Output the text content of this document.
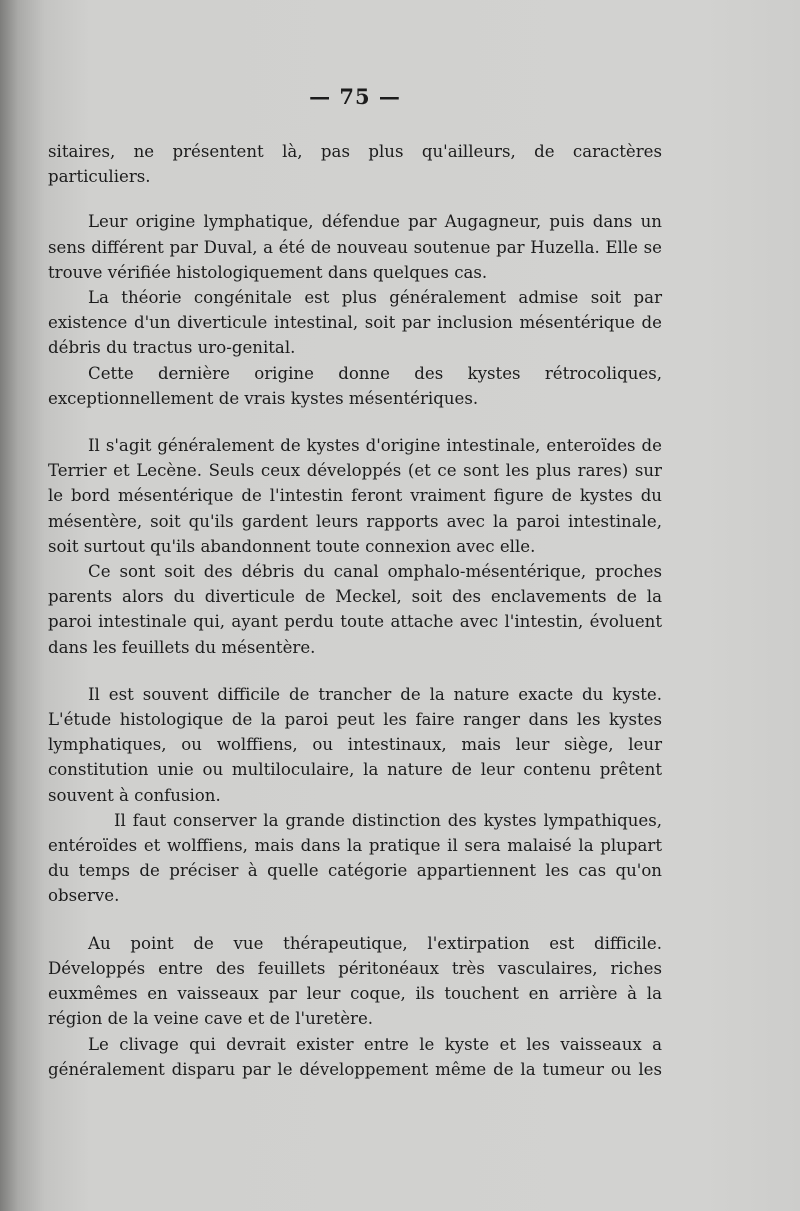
— 75 —

sitaires, ne présentent là, pas plus qu'ailleurs, de caractères particuliers.

Leur origine lymphatique, défendue par Augagneur, puis dans un sens différent par Duval, a été de nouveau soutenue par Huzella. Elle se trouve vérifiée histologiquement dans quelques cas.

La théorie congénitale est plus généralement admise soit par existence d'un diverticule intestinal, soit par inclusion mésentérique de débris du tractus uro-genital.

Cette dernière origine donne des kystes rétrocoliques, exceptionnellement de vrais kystes mésentériques.

Il s'agit généralement de kystes d'origine intestinale, enteroïdes de Terrier et Lecène. Seuls ceux développés (et ce sont les plus rares) sur le bord mésentérique de l'intestin feront vraiment figure de kystes du mésentère, soit qu'ils gardent leurs rapports avec la paroi intestinale, soit surtout qu'ils abandonnent toute connexion avec elle.

Ce sont soit des débris du canal omphalo-mésentérique, proches parents alors du diverticule de Meckel, soit des enclavements de la paroi intestinale qui, ayant perdu toute attache avec l'intestin, évoluent dans les feuillets du mésentère.

Il est souvent difficile de trancher de la nature exacte du kyste. L'étude histologique de la paroi peut les faire ranger dans les kystes lymphatiques, ou wolffiens, ou intestinaux, mais leur siège, leur constitution unie ou multiloculaire, la nature de leur contenu prêtent souvent à confusion.

Il faut conserver la grande distinction des kystes lympathiques, entéroïdes et wolffiens, mais dans la pratique il sera malaisé la plupart du temps de préciser à quelle catégorie appartiennent les cas qu'on observe.

Au point de vue thérapeutique, l'extirpation est difficile. Développés entre des feuillets péritonéaux très vasculaires, riches euxmêmes en vaisseaux par leur coque, ils touchent en arrière à la région de la veine cave et de l'uretère.

Le clivage qui devrait exister entre le kyste et les vaisseaux a généralement disparu par le développement même de la tumeur ou les
